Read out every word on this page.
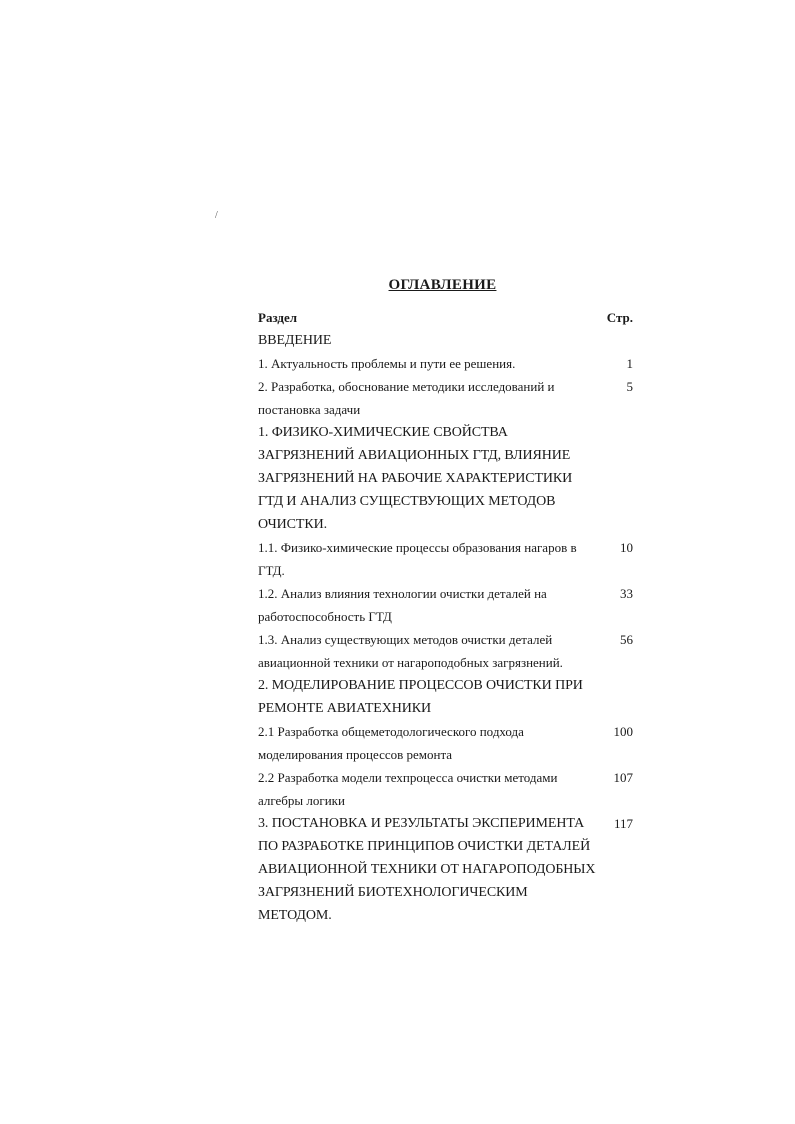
/
ОГЛАВЛЕНИЕ
Раздел	Стр.
ВВЕДЕНИЕ
1. Актуальность проблемы и пути ее решения.	1
2. Разработка, обоснование методики исследований и
постановка задачи
5
1. ФИЗИКО-ХИМИЧЕСКИЕ СВОЙСТВА
ЗАГРЯЗНЕНИЙ АВИАЦИОННЫХ ГТД, ВЛИЯНИЕ
ЗАГРЯЗНЕНИЙ НА РАБОЧИЕ ХАРАКТЕРИСТИКИ
ГТД И АНАЛИЗ СУЩЕСТВУЮЩИХ МЕТОДОВ
ОЧИСТКИ.
1.1. Физико-химические процессы образования нагаров в
ГТД.
10
1.2. Анализ влияния технологии очистки деталей на
работоспособность ГТД
33
1.3. Анализ существующих методов очистки деталей
авиационной техники от нагароподобных загрязнений.
56
2. МОДЕЛИРОВАНИЕ ПРОЦЕССОВ ОЧИСТКИ ПРИ
РЕМОНТЕ АВИАТЕХНИКИ
2.1 Разработка общеметодологического подхода
моделирования процессов ремонта
100
2.2 Разработка модели техпроцесса очистки методами
алгебры логики
107
3. ПОСТАНОВКА И РЕЗУЛЬТАТЫ ЭКСПЕРИМЕНТА
ПО РАЗРАБОТКЕ ПРИНЦИПОВ ОЧИСТКИ ДЕТАЛЕЙ
АВИАЦИОННОЙ ТЕХНИКИ ОТ НАГАРОПОДОБНЫХ
ЗАГРЯЗНЕНИЙ БИОТЕХНОЛОГИЧЕСКИМ
МЕТОДОМ.
117
